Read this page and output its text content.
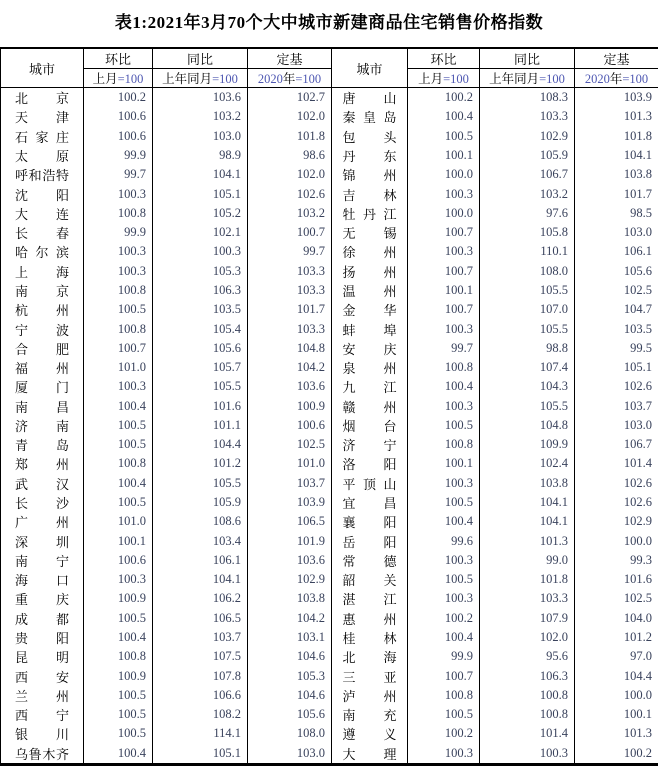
表1:2021年3月70个大中城市新建商品住宅销售价格指数
城市	环比	同比	定基	城市	环比	同比	定基
	上月=100	上年同月=100	2020年=100		上月=100	上年同月=100	2020年=100

北 京	100.2	103.6	102.7	唐 山	100.2	108.3	103.9

天 津	100.6	103.2	102.0	秦 皇 岛	100.4	103.3	101.3

石 家 庄	100.6	103.0	101.8	包 头	100.5	102.9	101.8

太 原	99.9	98.9	98.6	丹 东	100.1	105.9	104.1

呼 和 浩 特	99.7	104.1	102.0	锦 州	100.0	106.7	103.8

沈 阳	100.3	105.1	102.6	吉 林	100.3	103.2	101.7

大 连	100.8	105.2	103.2	牡 丹 江	100.0	97.6	98.5

长 春	99.9	102.1	100.7	无 锡	100.7	105.8	103.0

哈 尔 滨	100.3	100.3	99.7	徐 州	100.3	110.1	106.1

上 海	100.3	105.3	103.3	扬 州	100.7	108.0	105.6

南 京	100.8	106.3	103.3	温 州	100.1	105.5	102.5

杭 州	100.5	103.5	101.7	金 华	100.7	107.0	104.7

宁 波	100.8	105.4	103.3	蚌 埠	100.3	105.5	103.5

合 肥	100.7	105.6	104.8	安 庆	99.7	98.8	99.5

福 州	101.0	105.7	104.2	泉 州	100.8	107.4	105.1

厦 门	100.3	105.5	103.6	九 江	100.4	104.3	102.6

南 昌	100.4	101.6	100.9	赣 州	100.3	105.5	103.7

济 南	100.5	101.1	100.6	烟 台	100.5	104.8	103.0

青 岛	100.5	104.4	102.5	济 宁	100.8	109.9	106.7

郑 州	100.8	101.2	101.0	洛 阳	100.1	102.4	101.4

武 汉	100.4	105.5	103.7	平 顶 山	100.3	103.8	102.6

长 沙	100.5	105.9	103.9	宜 昌	100.5	104.1	102.6

广 州	101.0	108.6	106.5	襄 阳	100.4	104.1	102.9

深 圳	100.1	103.4	101.9	岳 阳	99.6	101.3	100.0

南 宁	100.6	106.1	103.6	常 德	100.3	99.0	99.3

海 口	100.3	104.1	102.9	韶 关	100.5	101.8	101.6

重 庆	100.9	106.2	103.8	湛 江	100.3	103.3	102.5

成 都	100.5	106.5	104.2	惠 州	100.2	107.9	104.0

贵 阳	100.4	103.7	103.1	桂 林	100.4	102.0	101.2

昆 明	100.8	107.5	104.6	北 海	99.9	95.6	97.0

西 安	100.9	107.8	105.3	三 亚	100.7	106.3	104.4

兰 州	100.5	106.6	104.6	泸 州	100.8	100.8	100.0

西 宁	100.5	108.2	105.6	南 充	100.5	100.8	100.1

银 川	100.5	114.1	108.0	遵 义	100.2	101.4	101.3

乌 鲁 木 齐	100.4	105.1	103.0	大 理	100.3	100.3	100.2
